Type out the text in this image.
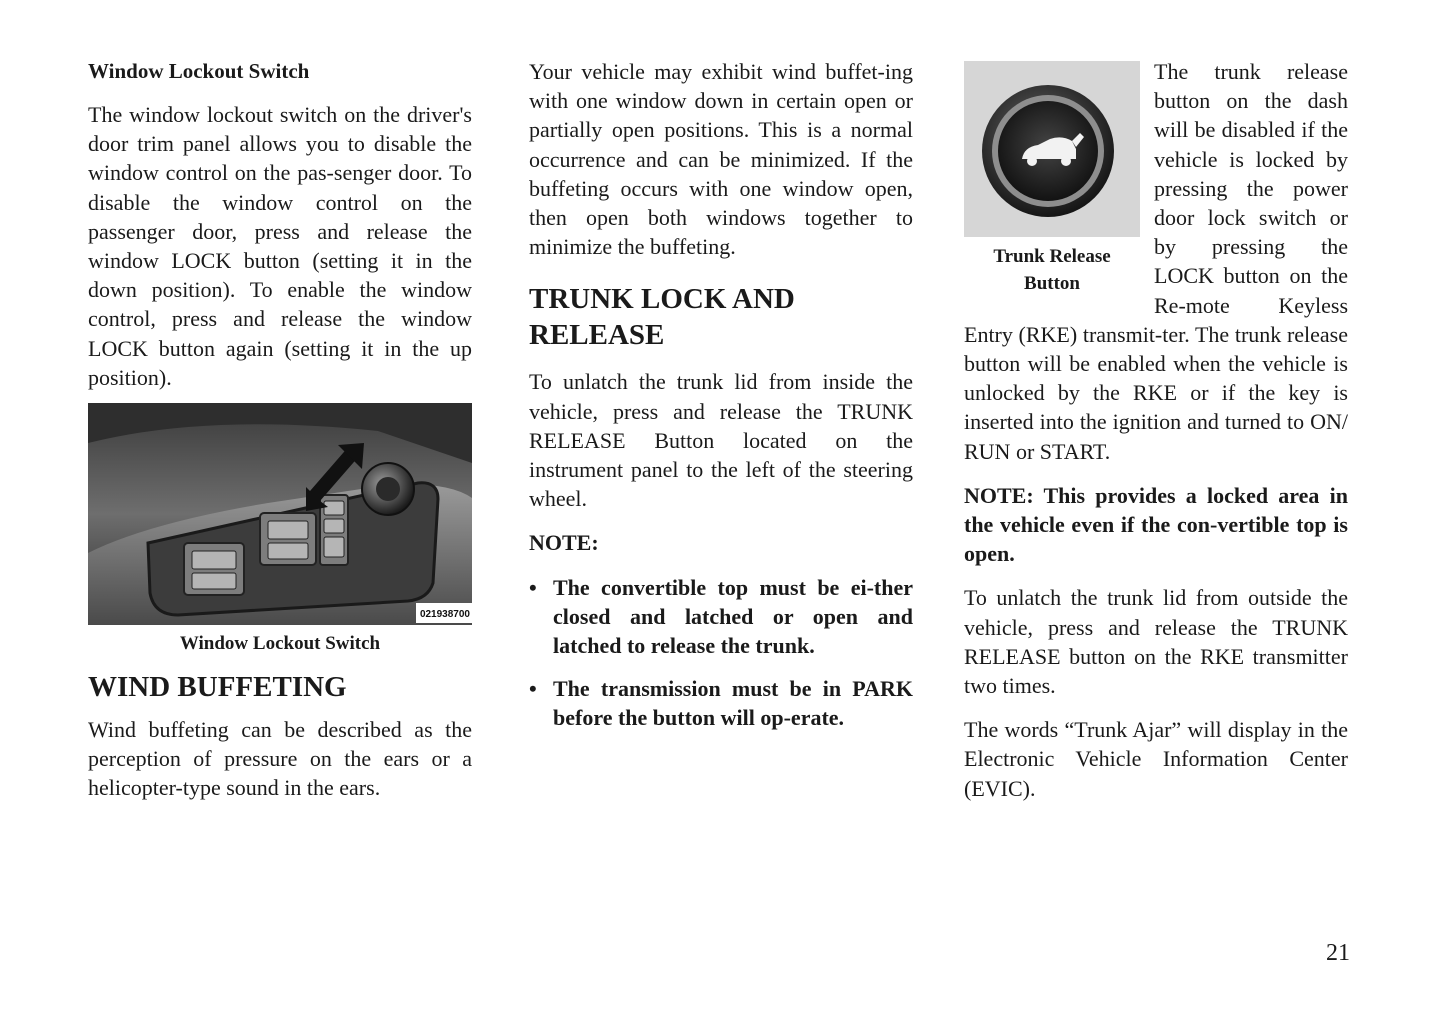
Window Lockout Switch

The window lockout switch on the driver's door trim panel allows you to disable the window control on the pas-senger door. To disable the window control on the passenger door, press and release the window LOCK button (setting it in the down position). To enable the window control, press and release the window LOCK button again (setting it in the up position).

021938700
Window Lockout Switch
WIND BUFFETING

Wind buffeting can be described as the perception of pressure on the ears or a helicopter-type sound in the ears.

Your vehicle may exhibit wind buffet-ing with one window down in certain open or partially open positions. This is a normal occurrence and can be minimized. If the buffeting occurs with one window open, then open both windows together to minimize the buffeting.

TRUNK LOCK AND RELEASE

To unlatch the trunk lid from inside the vehicle, press and release the TRUNK RELEASE Button located on the instrument panel to the left of the steering wheel.

NOTE:

• The convertible top must be ei-ther closed and latched or open and latched to release the trunk.
• The transmission must be in PARK before the button will op-erate.
Trunk Release Button

The trunk release button on the dash will be disabled if the vehicle is locked by pressing the power door lock switch or by pressing the LOCK button on the Re-mote Keyless Entry (RKE) transmit-ter. The trunk release button will be enabled when the vehicle is unlocked by the RKE or if the key is inserted into the ignition and turned to ON/ RUN or START.

NOTE: This provides a locked area in the vehicle even if the con-vertible top is open.

To unlatch the trunk lid from outside the vehicle, press and release the TRUNK RELEASE button on the RKE transmitter two times.

The words “Trunk Ajar” will display in the Electronic Vehicle Information Center (EVIC).

21
